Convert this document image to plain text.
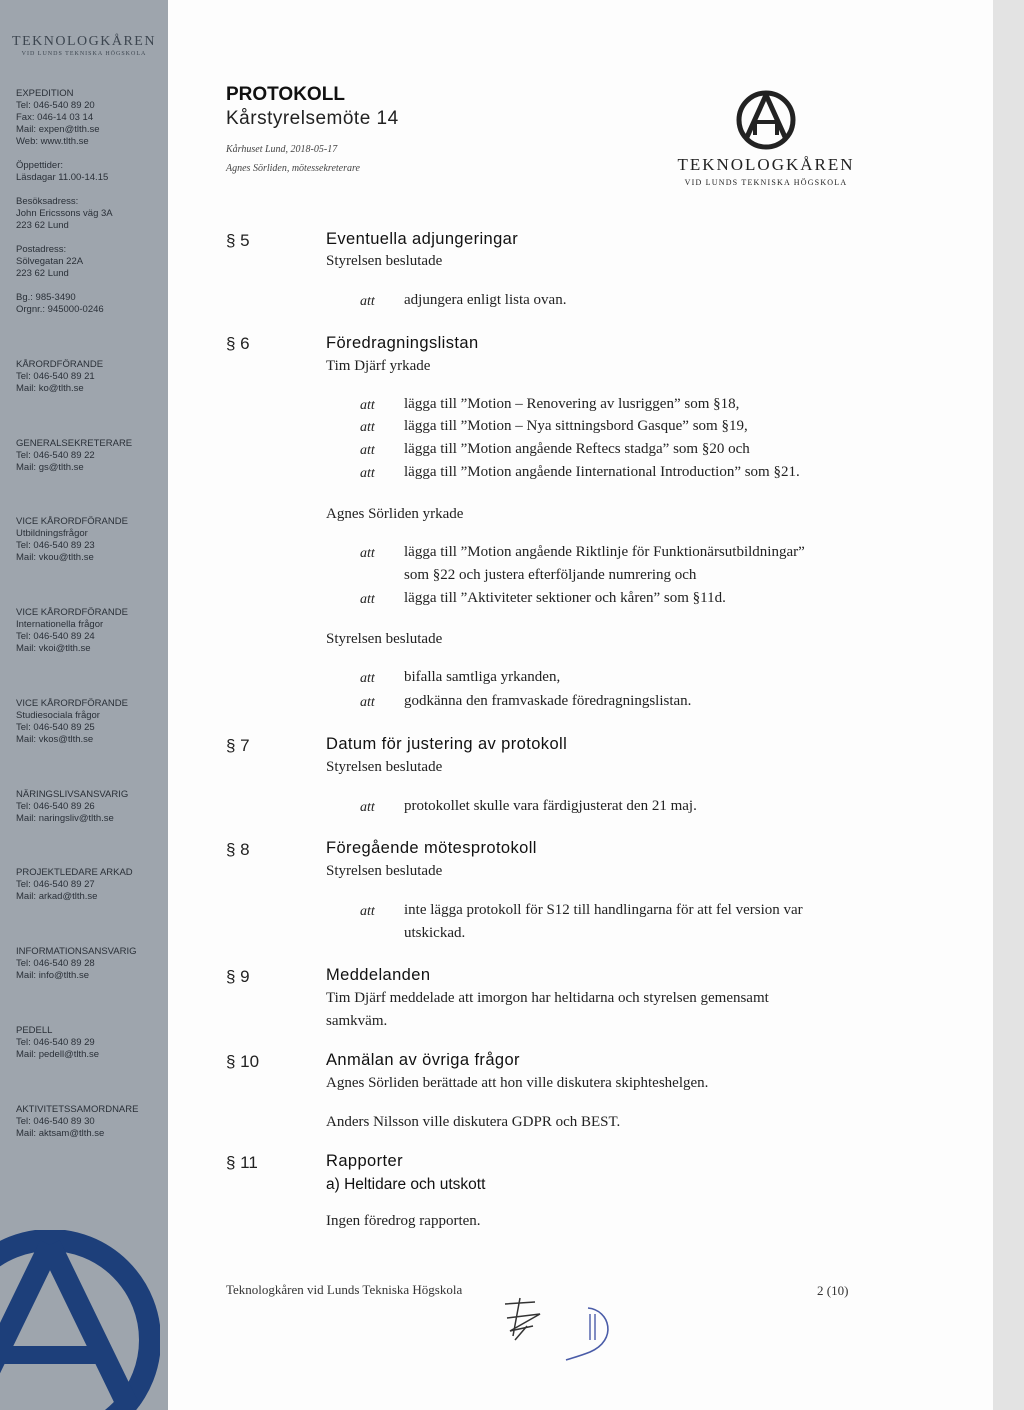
TEKNOLOGKÅREN
VID LUNDS TEKNISKA HÖGSKOLA
EXPEDITION
Tel: 046-540 89 20
Fax: 046-14 03 14
Mail: expen@tlth.se
Web: www.tlth.se
Öppettider:
Läsdagar 11.00-14.15
Besöksadress:
John Ericssons väg 3A
223 62 Lund
Postadress:
Sölvegatan 22A
223 62 Lund
Bg.: 985-3490
Orgnr.: 945000-0246
KÅRORDFÖRANDE
Tel: 046-540 89 21
Mail: ko@tlth.se
GENERALSEKRETERARE
Tel: 046-540 89 22
Mail: gs@tlth.se
VICE KÅRORDFÖRANDE
Utbildningsfrågor
Tel: 046-540 89 23
Mail: vkou@tlth.se
VICE KÅRORDFÖRANDE
Internationella frågor
Tel: 046-540 89 24
Mail: vkoi@tlth.se
VICE KÅRORDFÖRANDE
Studiesociala frågor
Tel: 046-540 89 25
Mail: vkos@tlth.se
NÄRINGSLIVSANSVARIG
Tel: 046-540 89 26
Mail: naringsliv@tlth.se
PROJEKTLEDARE ARKAD
Tel: 046-540 89 27
Mail: arkad@tlth.se
INFORMATIONSANSVARIG
Tel: 046-540 89 28
Mail: info@tlth.se
PEDELL
Tel: 046-540 89 29
Mail: pedell@tlth.se
AKTIVITETSSAMORDNARE
Tel: 046-540 89 30
Mail: aktsam@tlth.se
PROTOKOLL
Kårstyrelsemöte 14
Kårhuset Lund, 2018-05-17
Agnes Sörliden, mötessekreterare	TEKNOLOGKÅREN
VID LUNDS TEKNISKA HÖGSKOLA
§ 5	Eventuella adjungeringar
Styrelsen beslutade
att adjungera enligt lista ovan.
§ 6	Föredragningslistan
Tim Djärf yrkade
att lägga till ”Motion – Renovering av lusriggen” som §18,
att lägga till ”Motion – Nya sittningsbord Gasque” som §19,
att lägga till ”Motion angående Reftecs stadga” som §20 och
att lägga till ”Motion angående Iinternational Introduction” som §21.
Agnes Sörliden yrkade
att lägga till ”Motion angående Riktlinje för Funktionärsutbildningar”
som §22 och justera efterföljande numrering och
att lägga till ”Aktiviteter sektioner och kåren” som §11d.
Styrelsen beslutade
att bifalla samtliga yrkanden,
att godkänna den framvaskade föredragningslistan.
§ 7	Datum för justering av protokoll
Styrelsen beslutade
att protokollet skulle vara färdigjusterat den 21 maj.
§ 8	Föregående mötesprotokoll
Styrelsen beslutade
att inte lägga protokoll för S12 till handlingarna för att fel version var
utskickad.
§ 9	Meddelanden
Tim Djärf meddelade att imorgon har heltidarna och styrelsen gemensamt
samkväm.
§ 10	Anmälan av övriga frågor
Agnes Sörliden berättade att hon ville diskutera skiphteshelgen.
Anders Nilsson ville diskutera GDPR och BEST.
§ 11	Rapporter
a) Heltidare och utskott
Ingen föredrog rapporten.
Teknologkåren vid Lunds Tekniska Högskola	2 (10)
